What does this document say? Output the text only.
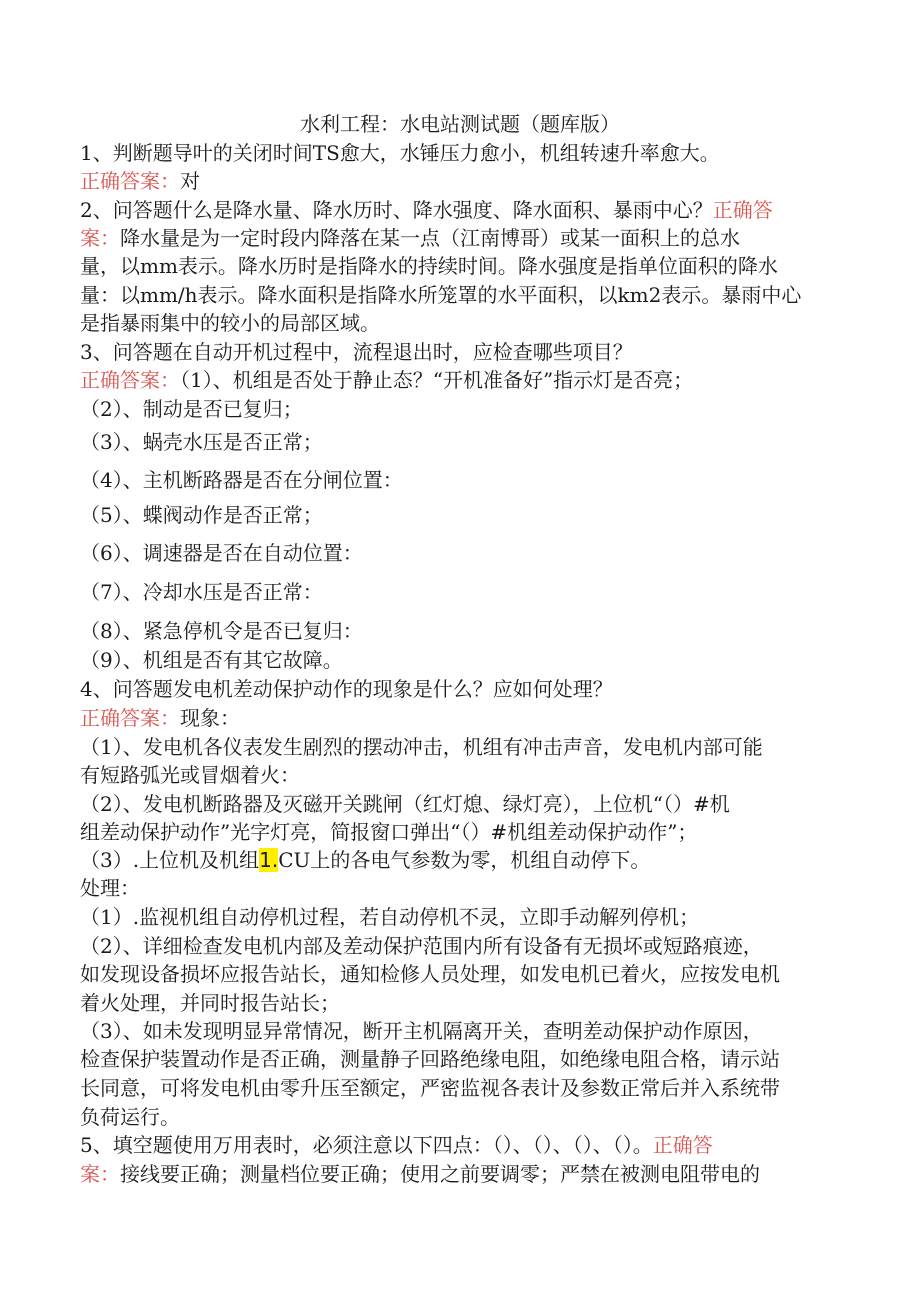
水利工程：水电站测试题（题库版）
1、判断题导叶的关闭时间TS愈大，水锤压力愈小，机组转速升率愈大。
正确答案：对
2、问答题什么是降水量、降水历时、降水强度、降水面积、暴雨中心？正确答
案：降水量是为一定时段内降落在某一点（江南博哥）或某一面积上的总水
量，以mm表示。降水历时是指降水的持续时间。降水强度是指单位面积的降水
量：以mm/h表示。降水面积是指降水所笼罩的水平面积，以km2表示。暴雨中心
是指暴雨集中的较小的局部区域。
3、问答题在自动开机过程中，流程退出时，应检查哪些项目？
正确答案：（1）、机组是否处于静止态？“开机准备好”指示灯是否亮；
（2）、制动是否已复归；
（3）、蜗壳水压是否正常；
（4）、主机断路器是否在分闸位置：
（5）、蝶阀动作是否正常；
（6）、调速器是否在自动位置：
（7）、冷却水压是否正常：
（8）、紧急停机令是否已复归：
（9）、机组是否有其它故障。
4、问答题发电机差动保护动作的现象是什么？应如何处理？
正确答案：现象：
（1）、发电机各仪表发生剧烈的摆动冲击，机组有冲击声音，发电机内部可能
有短路弧光或冒烟着火：
（2）、发电机断路器及灭磁开关跳闸（红灯熄、绿灯亮），上位机“（）#机
组差动保护动作”光字灯亮，简报窗口弹出“（）#机组差动保护动作”；
（3）.上位机及机组1.CU上的各电气参数为零，机组自动停下。
处理：
（1）.监视机组自动停机过程，若自动停机不灵，立即手动解列停机；
（2）、详细检查发电机内部及差动保护范围内所有设备有无损坏或短路痕迹，
如发现设备损坏应报告站长，通知检修人员处理，如发电机已着火，应按发电机
着火处理，并同时报告站长；
（3）、如未发现明显异常情况，断开主机隔离开关，查明差动保护动作原因，
检查保护装置动作是否正确，测量静子回路绝缘电阻，如绝缘电阻合格，请示站
长同意，可将发电机由零升压至额定，严密监视各表计及参数正常后并入系统带
负荷运行。
5、填空题使用万用表时，必须注意以下四点：（）、（）、（）、（）。正确答
案：接线要正确；测量档位要正确；使用之前要调零；严禁在被测电阻带电的
